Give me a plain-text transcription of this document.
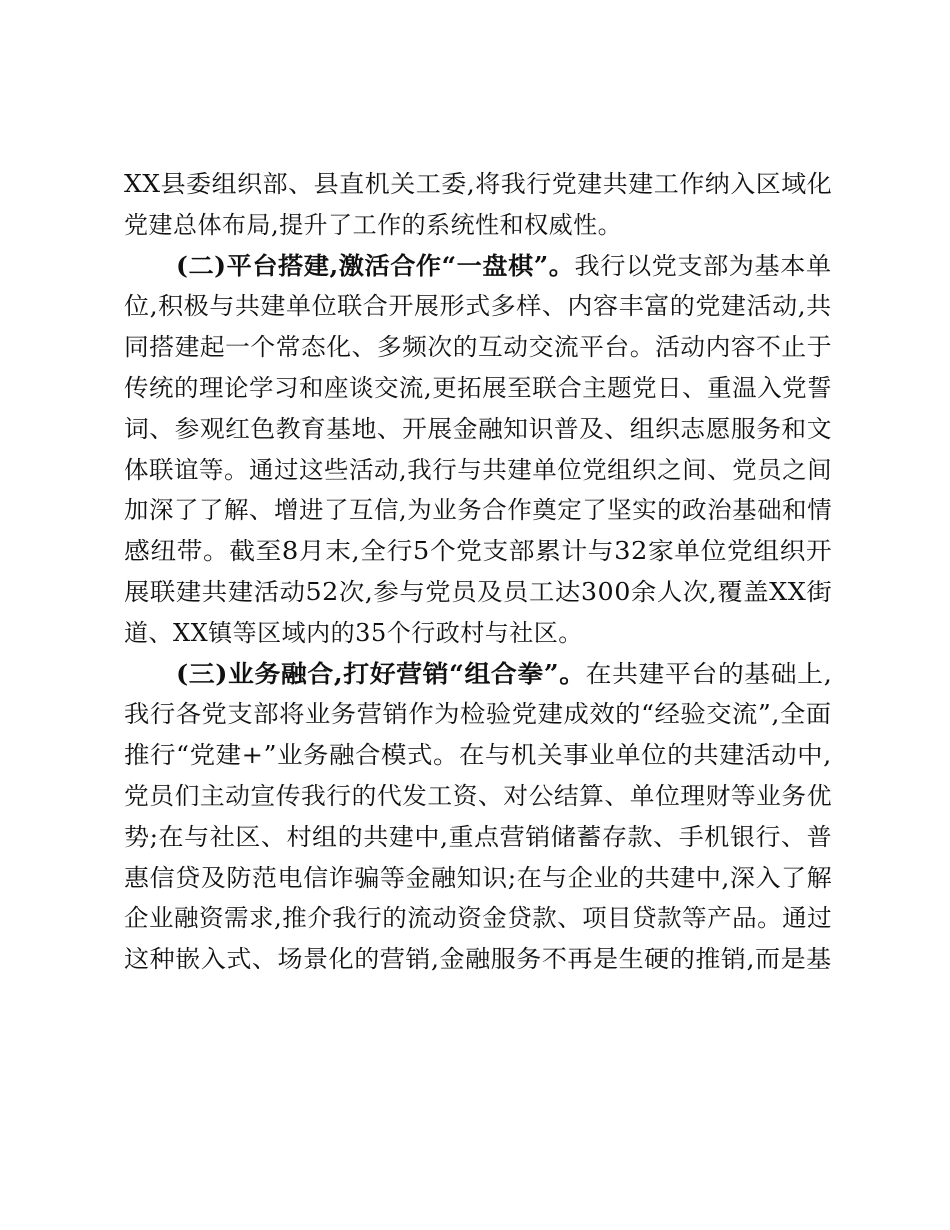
XX县委组织部、县直机关工委,将我行党建共建工作纳入区域化
党建总体布局,提升了工作的系统性和权威性。
(二)平台搭建,激活合作“一盘棋”。我行以党支部为基本单
位,积极与共建单位联合开展形式多样、内容丰富的党建活动,共
同搭建起一个常态化、多频次的互动交流平台。活动内容不止于
传统的理论学习和座谈交流,更拓展至联合主题党日、重温入党誓
词、参观红色教育基地、开展金融知识普及、组织志愿服务和文
体联谊等。通过这些活动,我行与共建单位党组织之间、党员之间
加深了了解、增进了互信,为业务合作奠定了坚实的政治基础和情
感纽带。截至8月末,全行5个党支部累计与32家单位党组织开
展联建共建活动52次,参与党员及员工达300余人次,覆盖XX街
道、XX镇等区域内的35个行政村与社区。
(三)业务融合,打好营销“组合拳”。在共建平台的基础上,
我行各党支部将业务营销作为检验党建成效的“经验交流”,全面
推行“党建+”业务融合模式。在与机关事业单位的共建活动中,
党员们主动宣传我行的代发工资、对公结算、单位理财等业务优
势;在与社区、村组的共建中,重点营销储蓄存款、手机银行、普
惠信贷及防范电信诈骗等金融知识;在与企业的共建中,深入了解
企业融资需求,推介我行的流动资金贷款、项目贷款等产品。通过
这种嵌入式、场景化的营销,金融服务不再是生硬的推销,而是基
